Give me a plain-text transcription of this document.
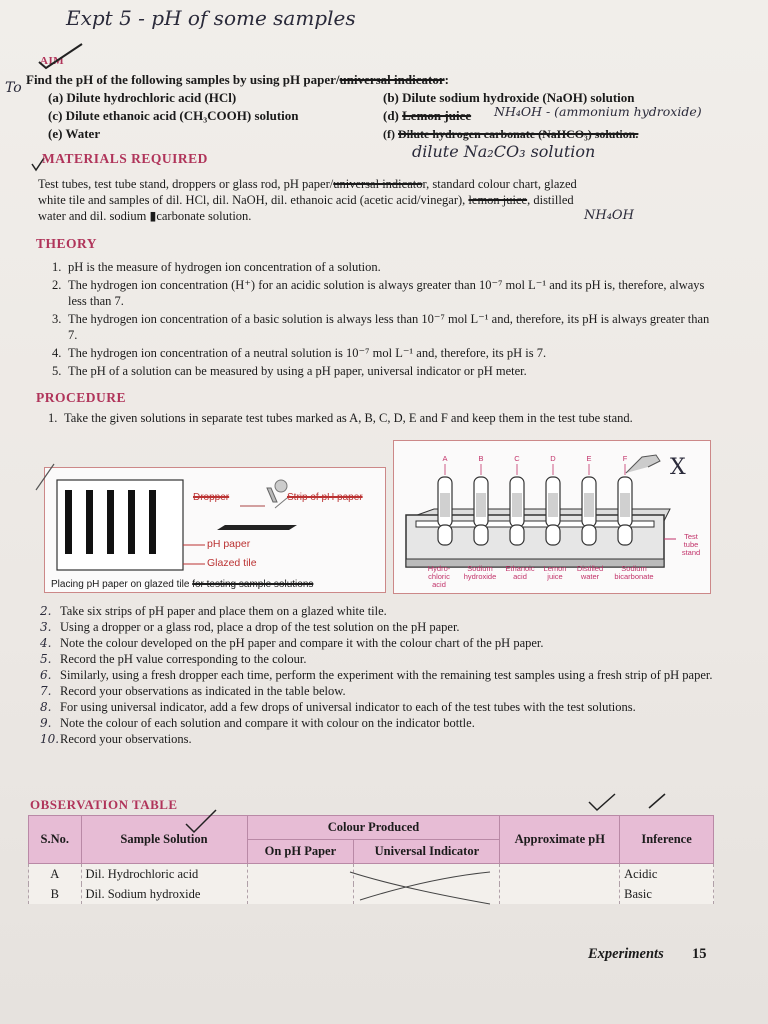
Expt 5 - pH of some samples
AIM
To
Find the pH of the following samples by using pH paper/universal indicator:
(a) Dilute hydrochloric acid (HCl)	(b) Dilute sodium hydroxide (NaOH) solution
(c) Dilute ethanoic acid (CH₃COOH) solution	(d) Lemon juice NH₄OH - (ammonium hydroxide)
(e) Water	(f) Dilute hydrogen carbonate (NaHCO₃) solution.
dilute Na₂CO₃ solution
MATERIALS REQUIRED
Test tubes, test tube stand, droppers or glass rod, pH paper/universal indicator, standard colour chart, glazed
white tile and samples of dil. HCl, dil. NaOH, dil. ethanoic acid (acetic acid/vinegar), lemon juice, distilled
water and dil. sodium ▮carbonate solution.	NH₄OH
THEORY
1. pH is the measure of hydrogen ion concentration of a solution.
2. The hydrogen ion concentration (H⁺) for an acidic solution is always greater than 10⁻⁷ mol L⁻¹ and its pH is, therefore, always less than 7.
3. The hydrogen ion concentration of a basic solution is always less than 10⁻⁷ mol L⁻¹ and, therefore, its pH is always greater than 7.
4. The hydrogen ion concentration of a neutral solution is 10⁻⁷ mol L⁻¹ and, therefore, its pH is 7.
5. The pH of a solution can be measured by using a pH paper, universal indicator or pH meter.
PROCEDURE
1. Take the given solutions in separate test tubes marked as A, B, C, D, E and F and keep them in the test tube stand.
Dropper	Strip of pH paper
pH paper
Glazed tile
Placing pH paper on glazed tile for testing sample solutions
A	B	C	D	E	F
Test tube stand
Hydro-chloric acid
Sodium hydroxide
Ethanoic acid
Lemon juice
Distilled water
Sodium bicarbonate
X
2. Take six strips of pH paper and place them on a glazed white tile.
3. Using a dropper or a glass rod, place a drop of the test solution on the pH paper.
4. Note the colour developed on the pH paper and compare it with the colour chart of the pH paper.
5. Record the pH value corresponding to the colour.
6. Similarly, using a fresh dropper each time, perform the experiment with the remaining test samples using a fresh strip of pH paper.
7. Record your observations as indicated in the table below.
8. For using universal indicator, add a few drops of universal indicator to each of the test tubes with the test solutions.
9. Note the colour of each solution and compare it with colour on the indicator bottle.
10. Record your observations.
OBSERVATION TABLE
S.No.	Sample Solution	Colour Produced		Approximate pH	Inference
		On pH Paper	Universal Indicator		
A	Dil. Hydrochloric acid				Acidic
B	Dil. Sodium hydroxide				Basic
Experiments 15
